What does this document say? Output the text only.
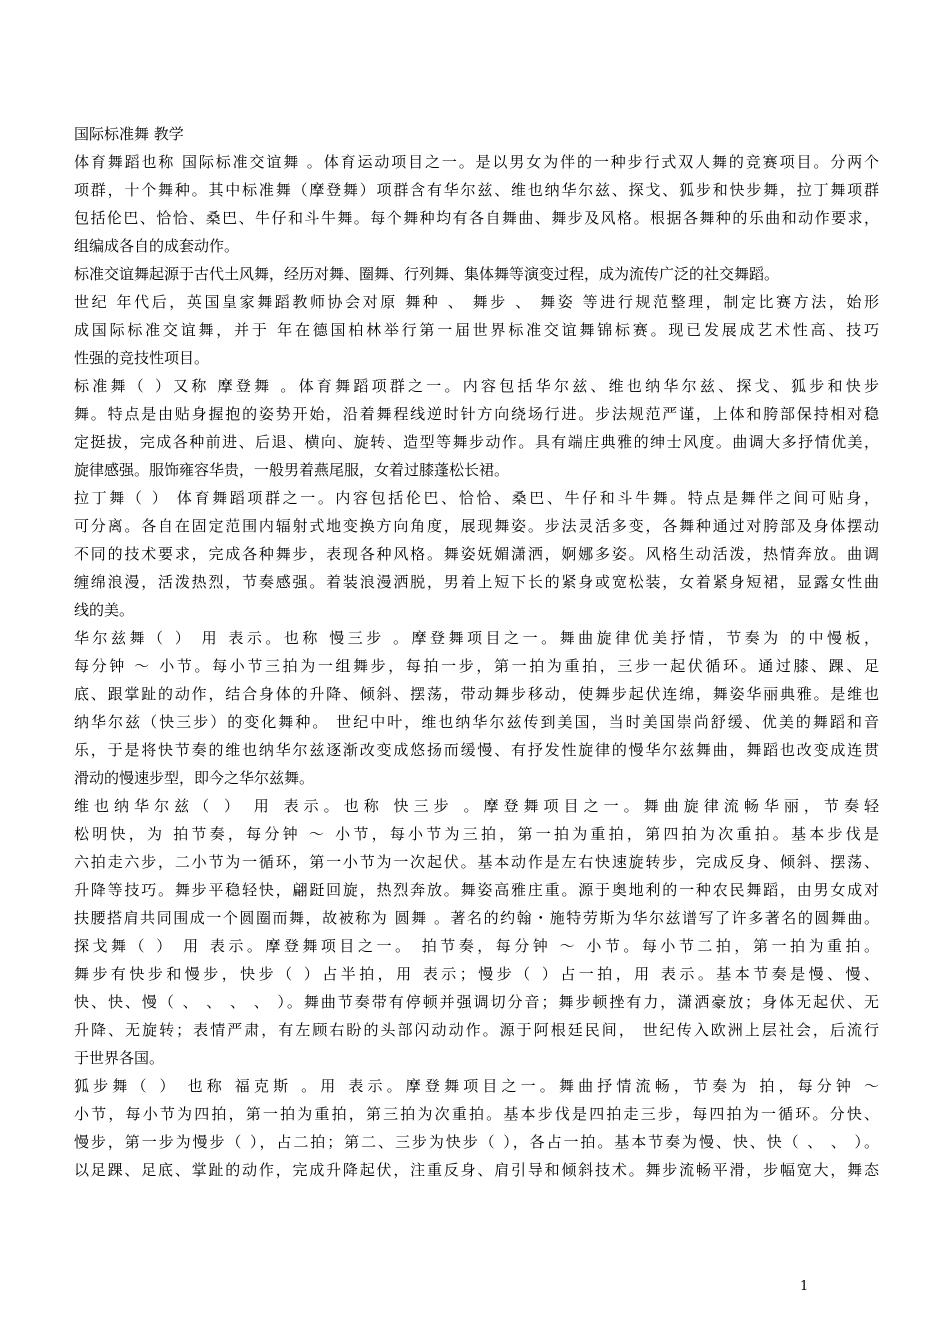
国际标准舞 教学
体育舞蹈也称 国际标准交谊舞 。体育运动项目之一。是以男女为伴的一种步行式双人舞的竞赛项目。分两个
项群，十个舞种。其中标准舞（摩登舞）项群含有华尔兹、维也纳华尔兹、探戈、狐步和快步舞，拉丁舞项群
包括伦巴、恰恰、桑巴、牛仔和斗牛舞。每个舞种均有各自舞曲、舞步及风格。根据各舞种的乐曲和动作要求，
组编成各自的成套动作。
标准交谊舞起源于古代土风舞，经历对舞、圈舞、行列舞、集体舞等演变过程，成为流传广泛的社交舞蹈。
世纪 年代后，英国皇家舞蹈教师协会对原 舞种 、 舞步 、 舞姿 等进行规范整理，制定比赛方法，始形
成国际标准交谊舞，并于 年在德国柏林举行第一届世界标准交谊舞锦标赛。现已发展成艺术性高、技巧
性强的竞技性项目。
标准舞（ ）又称 摩登舞 。体育舞蹈项群之一。内容包括华尔兹、维也纳华尔兹、探戈、狐步和快步
舞。特点是由贴身握抱的姿势开始，沿着舞程线逆时针方向绕场行进。步法规范严谨，上体和胯部保持相对稳
定挺拔，完成各种前进、后退、横向、旋转、造型等舞步动作。具有端庄典雅的绅士风度。曲调大多抒情优美，
旋律感强。服饰雍容华贵，一般男着燕尾服，女着过膝蓬松长裙。
拉丁舞（ ） 体育舞蹈项群之一。内容包括伦巴、恰恰、桑巴、牛仔和斗牛舞。特点是舞伴之间可贴身，
可分离。各自在固定范围内辐射式地变换方向角度，展现舞姿。步法灵活多变，各舞种通过对胯部及身体摆动
不同的技术要求，完成各种舞步，表现各种风格。舞姿妩媚潇洒，婀娜多姿。风格生动活泼，热情奔放。曲调
缠绵浪漫，活泼热烈，节奏感强。着装浪漫洒脱，男着上短下长的紧身或宽松装，女着紧身短裙，显露女性曲
线的美。
华尔兹舞（ ） 用 表示。也称 慢三步 。摩登舞项目之一。舞曲旋律优美抒情，节奏为 的中慢板，
每分钟 ～ 小节。每小节三拍为一组舞步，每拍一步，第一拍为重拍，三步一起伏循环。通过膝、踝、足
底、跟掌趾的动作，结合身体的升降、倾斜、摆荡，带动舞步移动，使舞步起伏连绵，舞姿华丽典雅。是维也
纳华尔兹（快三步）的变化舞种。 世纪中叶，维也纳华尔兹传到美国，当时美国崇尚舒缓、优美的舞蹈和音
乐，于是将快节奏的维也纳华尔兹逐渐改变成悠扬而缓慢、有抒发性旋律的慢华尔兹舞曲，舞蹈也改变成连贯
滑动的慢速步型，即今之华尔兹舞。
维也纳华尔兹（ ） 用 表示。也称 快三步 。摩登舞项目之一。舞曲旋律流畅华丽，节奏轻
松明快，为 拍节奏，每分钟 ～ 小节，每小节为三拍，第一拍为重拍，第四拍为次重拍。基本步伐是
六拍走六步，二小节为一循环，第一小节为一次起伏。基本动作是左右快速旋转步，完成反身、倾斜、摆荡、
升降等技巧。舞步平稳轻快，翩跹回旋，热烈奔放。舞姿高雅庄重。源于奥地利的一种农民舞蹈，由男女成对
扶腰搭肩共同围成一个圆圈而舞，故被称为 圆舞 。著名的约翰・施特劳斯为华尔兹谱写了许多著名的圆舞曲。
探戈舞（ ） 用 表示。摩登舞项目之一。 拍节奏，每分钟 ～ 小节。每小节二拍，第一拍为重拍。
舞步有快步和慢步，快步（ ）占半拍，用 表示；慢步（ ）占一拍，用 表示。基本节奏是慢、慢、
快、快、慢（ 、 、 、 、 ）。舞曲节奏带有停顿并强调切分音；舞步顿挫有力，潇洒豪放；身体无起伏、无
升降、无旋转；表情严肃，有左顾右盼的头部闪动动作。源于阿根廷民间， 世纪传入欧洲上层社会，后流行
于世界各国。
狐步舞（ ） 也称 福克斯 。用 表示。摩登舞项目之一。舞曲抒情流畅，节奏为 拍，每分钟 ～
小节，每小节为四拍，第一拍为重拍，第三拍为次重拍。基本步伐是四拍走三步，每四拍为一循环。分快、
慢步，第一步为慢步（ ），占二拍；第二、三步为快步（ ），各占一拍。基本节奏为慢、快、快（ 、 、 ）。
以足踝、足底、掌趾的动作，完成升降起伏，注重反身、肩引导和倾斜技术。舞步流畅平滑，步幅宽大，舞态
1
